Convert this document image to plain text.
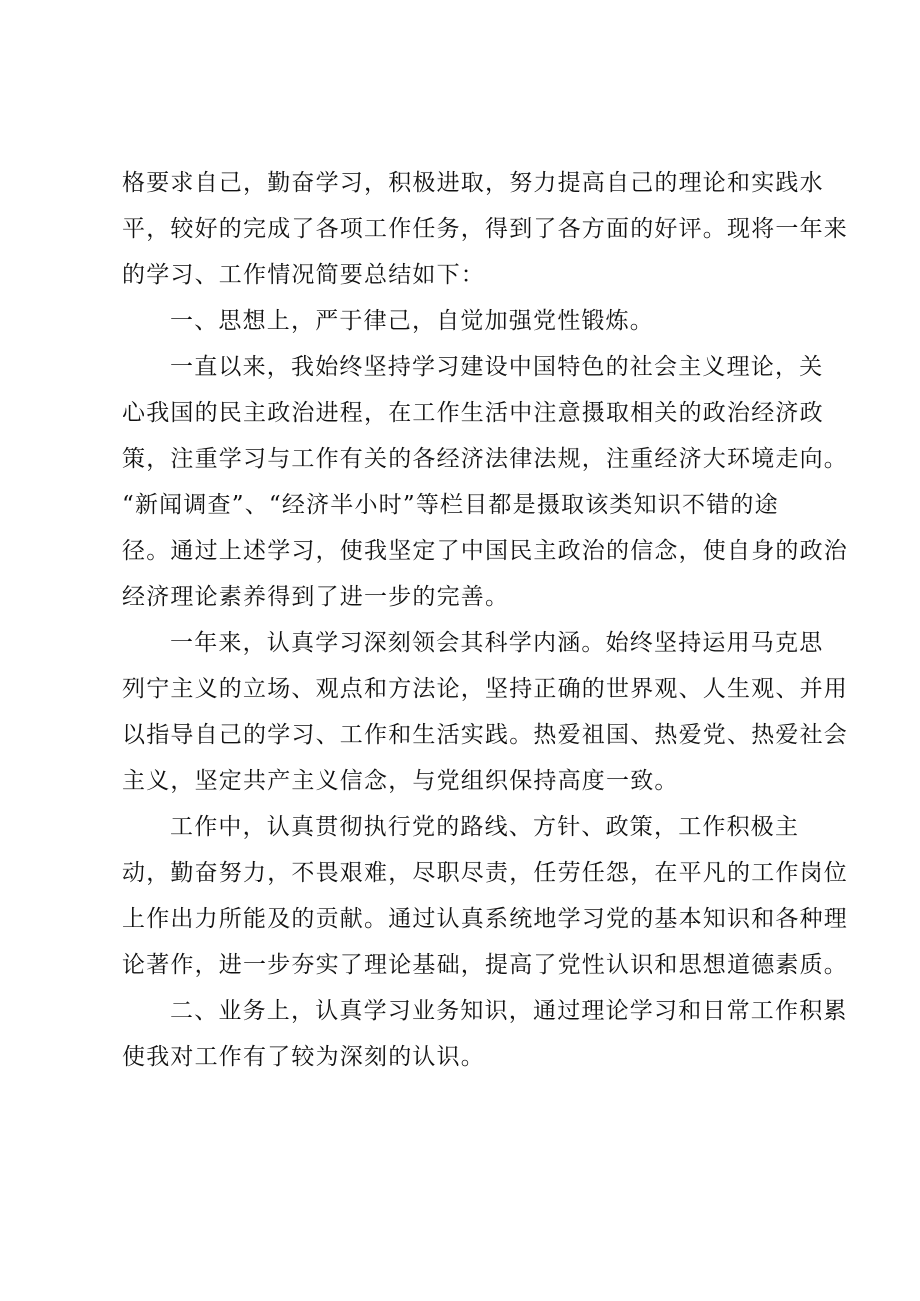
格要求自己，勤奋学习，积极进取，努力提高自己的理论和实践水

平，较好的完成了各项工作任务，得到了各方面的好评。现将一年来

的学习、工作情况简要总结如下：

一、思想上，严于律己，自觉加强党性锻炼。

一直以来，我始终坚持学习建设中国特色的社会主义理论，关

心我国的民主政治进程，在工作生活中注意摄取相关的政治经济政

策，注重学习与工作有关的各经济法律法规，注重经济大环境走向。

“新闻调查”、“经济半小时”等栏目都是摄取该类知识不错的途

径。通过上述学习，使我坚定了中国民主政治的信念，使自身的政治

经济理论素养得到了进一步的完善。

一年来，认真学习深刻领会其科学内涵。始终坚持运用马克思

列宁主义的立场、观点和方法论，坚持正确的世界观、人生观、并用

以指导自己的学习、工作和生活实践。热爱祖国、热爱党、热爱社会

主义，坚定共产主义信念，与党组织保持高度一致。

工作中，认真贯彻执行党的路线、方针、政策，工作积极主

动，勤奋努力，不畏艰难，尽职尽责，任劳任怨，在平凡的工作岗位

上作出力所能及的贡献。通过认真系统地学习党的基本知识和各种理

论著作，进一步夯实了理论基础，提高了党性认识和思想道德素质。

二、业务上，认真学习业务知识，通过理论学习和日常工作积累

使我对工作有了较为深刻的认识。
